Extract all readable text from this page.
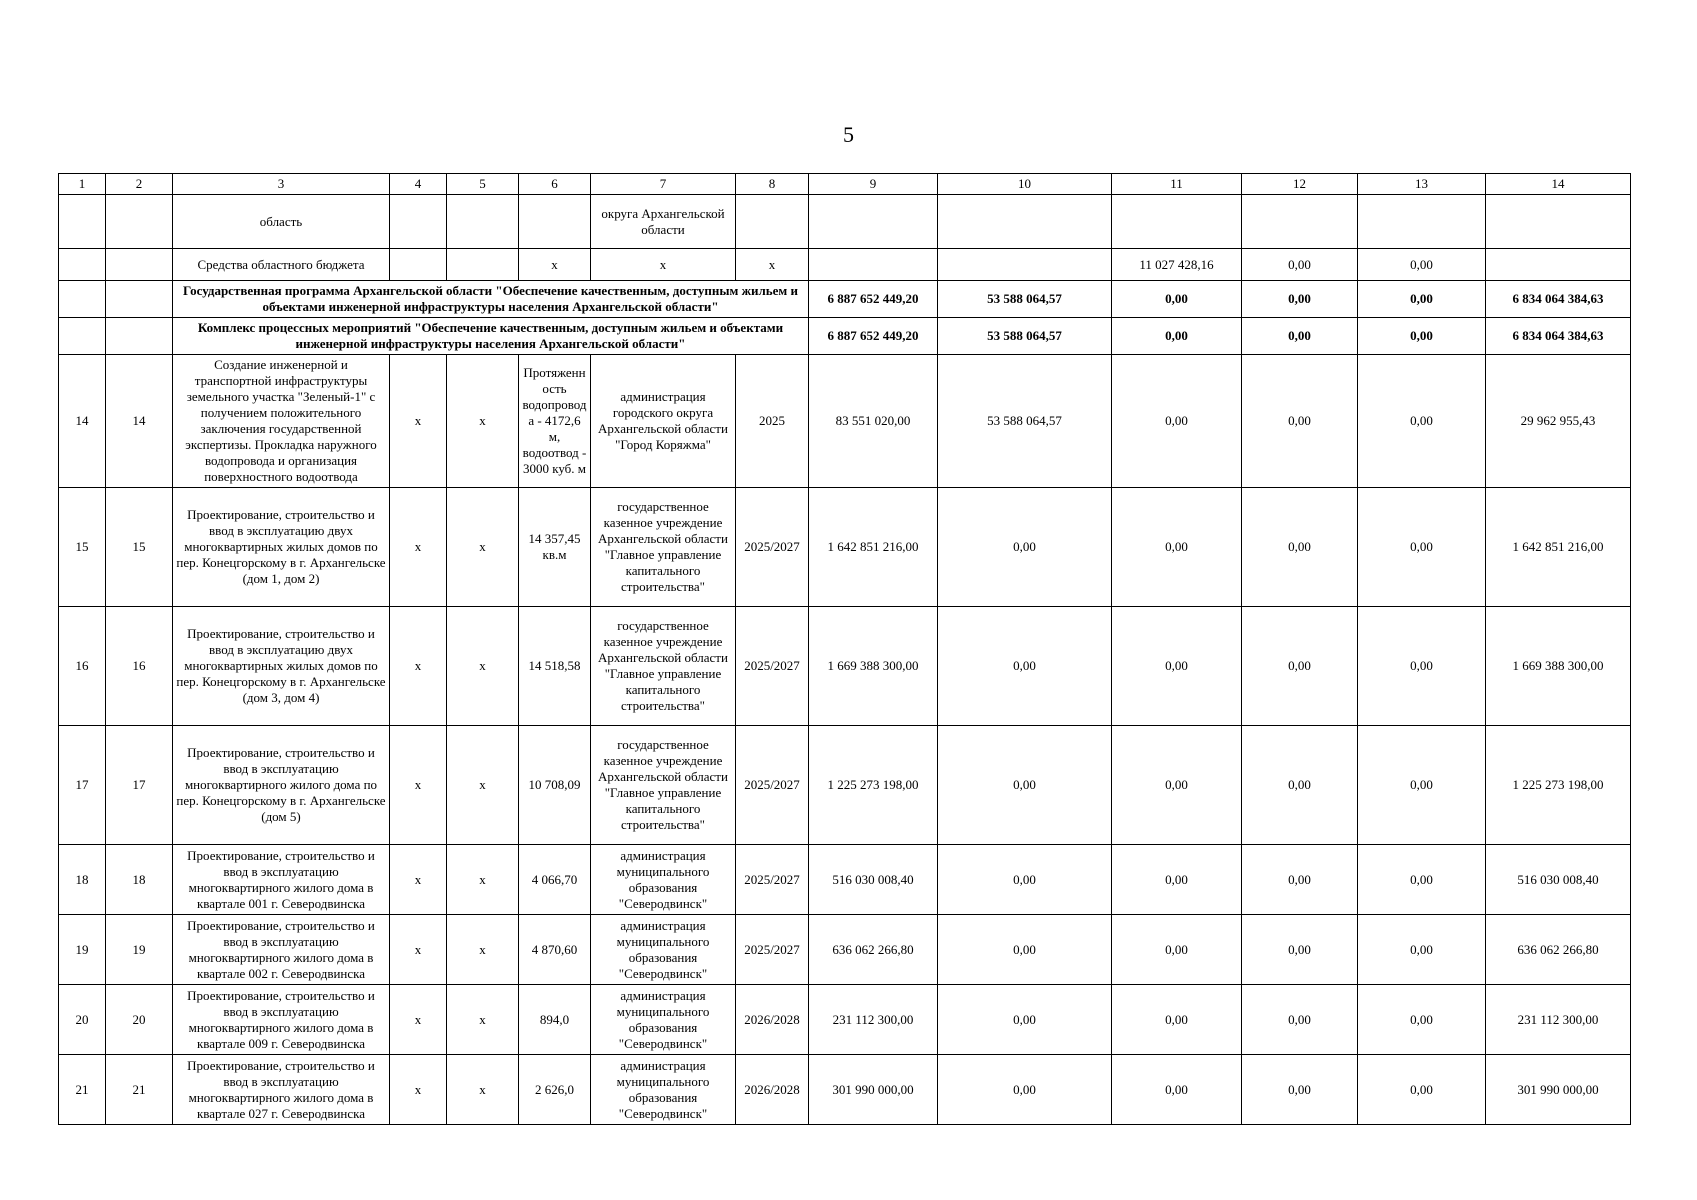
5
1	2	3	4	5	6	7	8	9	10	11	12	13	14
		область				округа Архангельской области							
		Средства областного бюджета			x	x	x			11 027 428,16	0,00	0,00	
		Государственная программа Архангельской области "Обеспечение качественным, доступным жильем и объектами инженерной инфраструктуры населения Архангельской области"						6 887 652 449,20	53 588 064,57	0,00	0,00	0,00	6 834 064 384,63
		Комплекс процессных мероприятий "Обеспечение качественным, доступным жильем и объектами инженерной инфраструктуры населения Архангельской области"						6 887 652 449,20	53 588 064,57	0,00	0,00	0,00	6 834 064 384,63
14	14	Создание инженерной и транспортной инфраструктуры земельного участка "Зеленый-1" с получением положительного заключения государственной экспертизы. Прокладка наружного водопровода и организация поверхностного водоотвода	x	x	Протяженность водопровода - 4172,6 м, водоотвод - 3000 куб. м	администрация городского округа Архангельской области "Город Коряжма"	2025	83 551 020,00	53 588 064,57	0,00	0,00	0,00	29 962 955,43
15	15	Проектирование, строительство и ввод в эксплуатацию двух многоквартирных жилых домов по пер. Конецгорскому в г. Архангельске (дом 1, дом 2)	x	x	14 357,45 кв.м	государственное казенное учреждение Архангельской области "Главное управление капитального строительства"	2025/2027	1 642 851 216,00	0,00	0,00	0,00	0,00	1 642 851 216,00
16	16	Проектирование, строительство и ввод в эксплуатацию двух многоквартирных жилых домов по пер. Конецгорскому в г. Архангельске (дом 3, дом 4)	x	x	14 518,58	государственное казенное учреждение Архангельской области "Главное управление капитального строительства"	2025/2027	1 669 388 300,00	0,00	0,00	0,00	0,00	1 669 388 300,00
17	17	Проектирование, строительство и ввод в эксплуатацию многоквартирного жилого дома по пер. Конецгорскому в г. Архангельске (дом 5)	x	x	10 708,09	государственное казенное учреждение Архангельской области "Главное управление капитального строительства"	2025/2027	1 225 273 198,00	0,00	0,00	0,00	0,00	1 225 273 198,00
18	18	Проектирование, строительство и ввод в эксплуатацию многоквартирного жилого дома в квартале 001 г. Северодвинска	x	x	4 066,70	администрация муниципального образования "Северодвинск"	2025/2027	516 030 008,40	0,00	0,00	0,00	0,00	516 030 008,40
19	19	Проектирование, строительство и ввод в эксплуатацию многоквартирного жилого дома в квартале 002 г. Северодвинска	x	x	4 870,60	администрация муниципального образования "Северодвинск"	2025/2027	636 062 266,80	0,00	0,00	0,00	0,00	636 062 266,80
20	20	Проектирование, строительство и ввод в эксплуатацию многоквартирного жилого дома в квартале 009 г. Северодвинска	x	x	894,0	администрация муниципального образования "Северодвинск"	2026/2028	231 112 300,00	0,00	0,00	0,00	0,00	231 112 300,00
21	21	Проектирование, строительство и ввод в эксплуатацию многоквартирного жилого дома в квартале 027 г. Северодвинска	x	x	2 626,0	администрация муниципального образования "Северодвинск"	2026/2028	301 990 000,00	0,00	0,00	0,00	0,00	301 990 000,00
